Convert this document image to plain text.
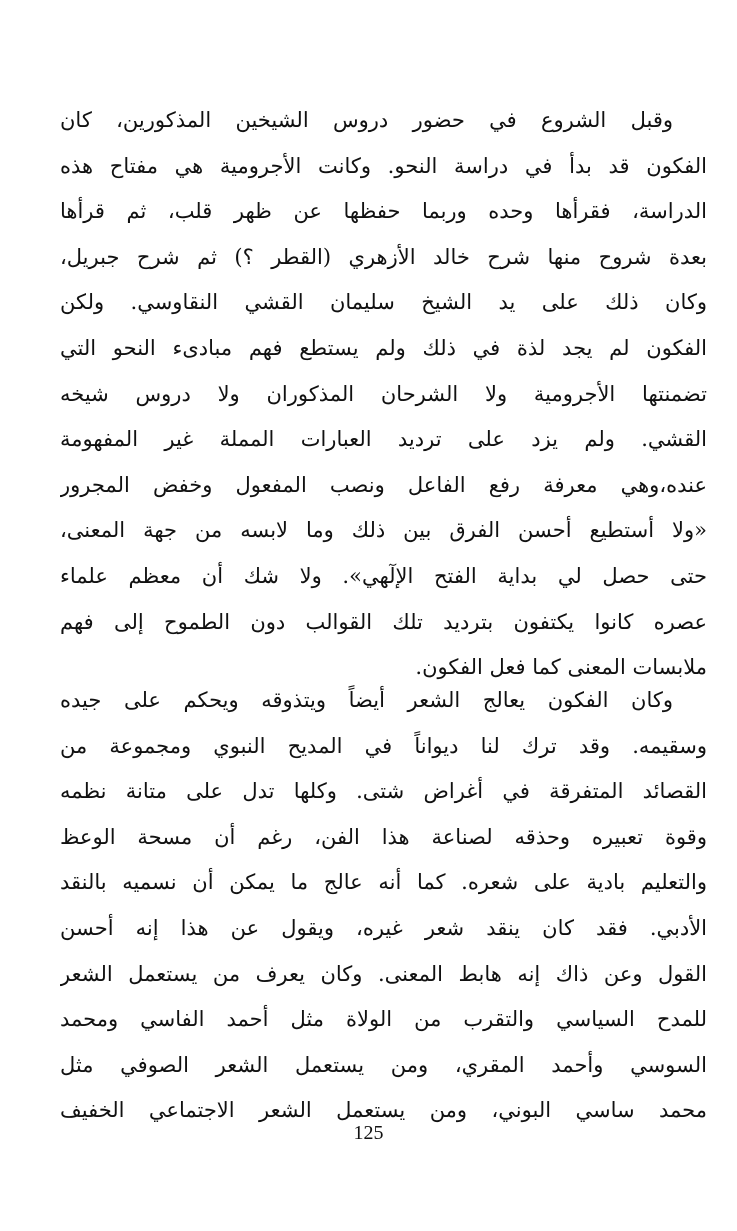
وقبل الشروع في حضور دروس الشيخين المذكورين، كان
الفكون قد بدأ في دراسة النحو. وكانت الأجرومية هي مفتاح هذه
الدراسة، فقرأها وحده وربما حفظها عن ظهر قلب، ثم قرأها
بعدة شروح منها شرح خالد الأزهري (القطر ؟) ثم شرح جبريل،
وكان ذلك على يد الشيخ سليمان القشي النقاوسي. ولكن
الفكون لم يجد لذة في ذلك ولم يستطع فهم مبادىء النحو التي
تضمنتها الأجرومية ولا الشرحان المذكوران ولا دروس شيخه
القشي. ولم يزد على ترديد العبارات المملة غير المفهومة
عنده،وهي معرفة رفع الفاعل ونصب المفعول وخفض المجرور
«ولا أستطيع أحسن الفرق بين ذلك وما لابسه من جهة المعنى،
حتى حصل لي بداية الفتح الإلٓهي». ولا شك أن معظم علماء
عصره كانوا يكتفون بترديد تلك القوالب دون الطموح إلى فهم
ملابسات المعنى كما فعل الفكون.
وكان الفكون يعالج الشعر أيضاً ويتذوقه ويحكم على جيده
وسقيمه. وقد ترك لنا ديواناً في المديح النبوي ومجموعة من
القصائد المتفرقة في أغراض شتى. وكلها تدل على متانة نظمه
وقوة تعبيره وحذقه لصناعة هذا الفن، رغم أن مسحة الوعظ
والتعليم بادية على شعره. كما أنه عالج ما يمكن أن نسميه بالنقد
الأدبي. فقد كان ينقد شعر غيره، ويقول عن هذا إنه أحسن
القول وعن ذاك إنه هابط المعنى. وكان يعرف من يستعمل الشعر
للمدح السياسي والتقرب من الولاة مثل أحمد الفاسي ومحمد
السوسي وأحمد المقري، ومن يستعمل الشعر الصوفي مثل
محمد ساسي البوني، ومن يستعمل الشعر الاجتماعي الخفيف
125
